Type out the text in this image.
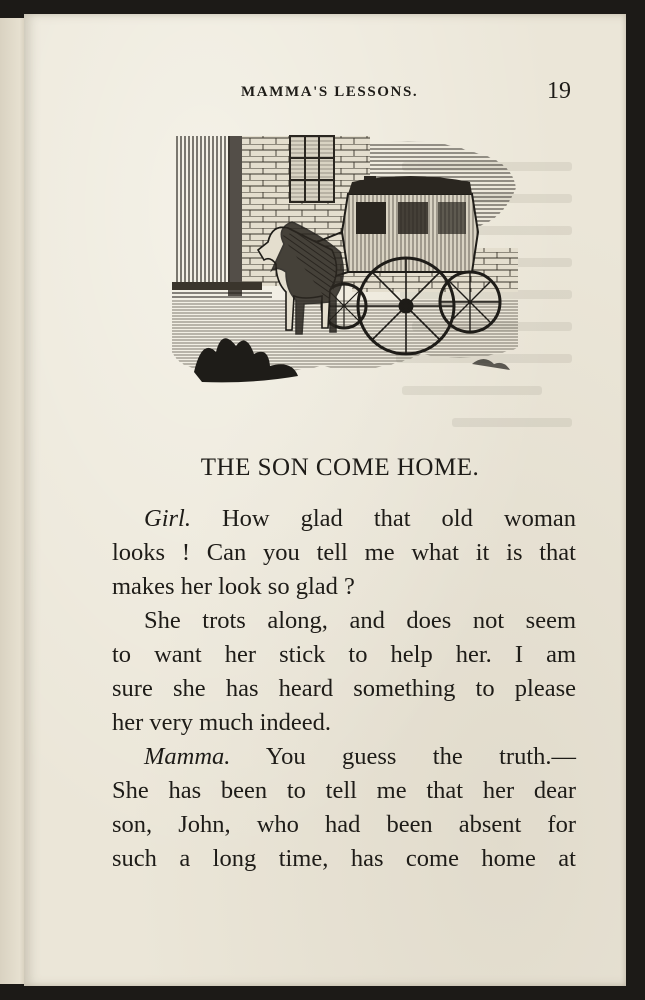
MAMMA'S LESSONS.	19
THE SON COME HOME.
Girl. How glad that old woman
looks ! Can you tell me what it is that
makes her look so glad ?
She trots along, and does not seem
to want her stick to help her. I am
sure she has heard something to please
her very much indeed.
Mamma. You guess the truth.—
She has been to tell me that her dear
son, John, who had been absent for
such a long time, has come home at
